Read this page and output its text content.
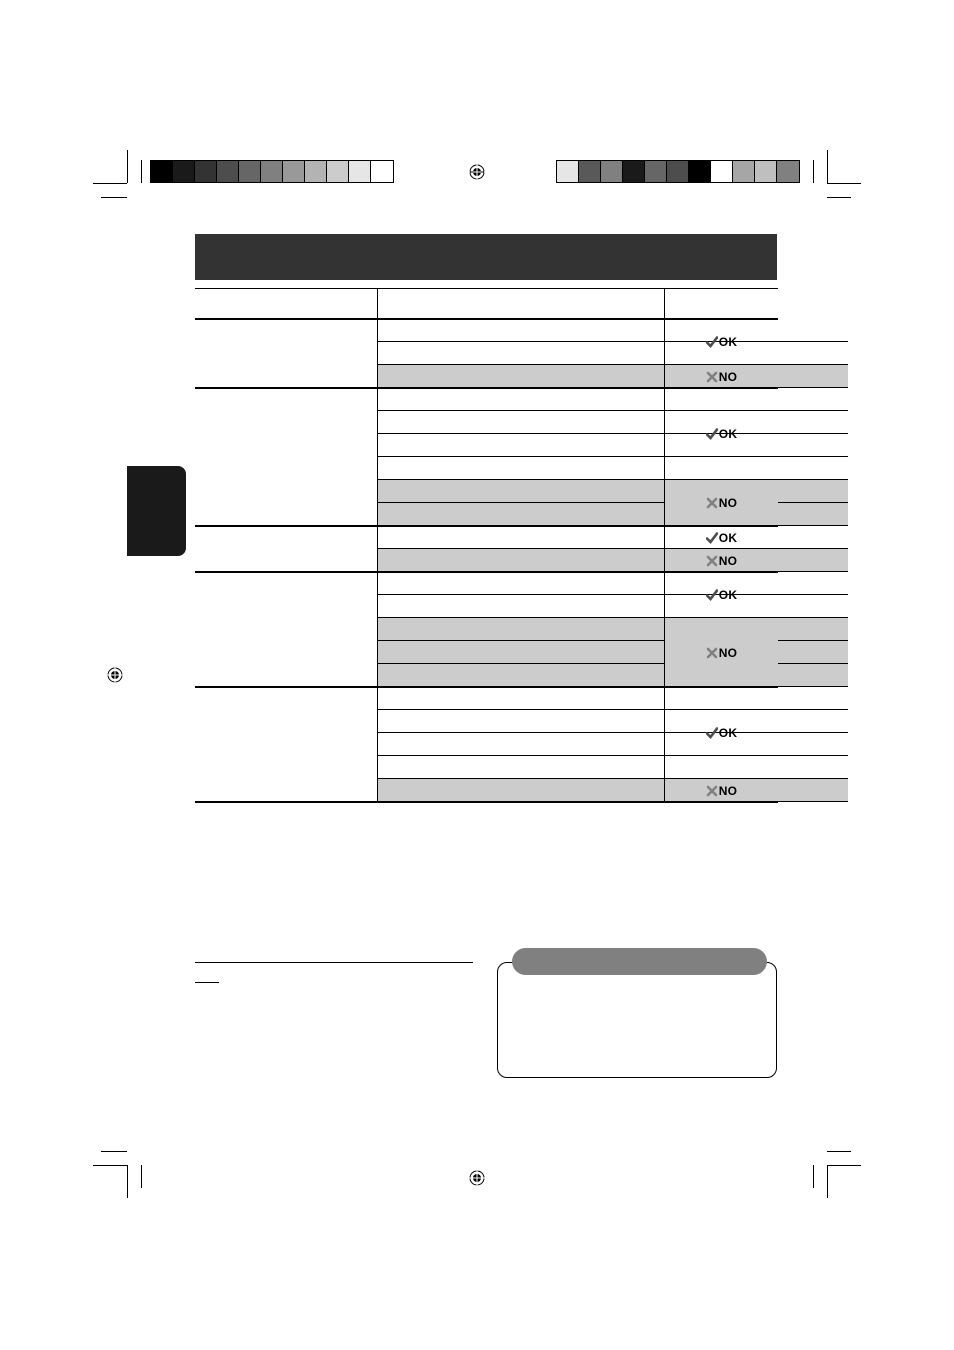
OK
NO
OK
NO
OK
NO
OK
NO
OK
NO
